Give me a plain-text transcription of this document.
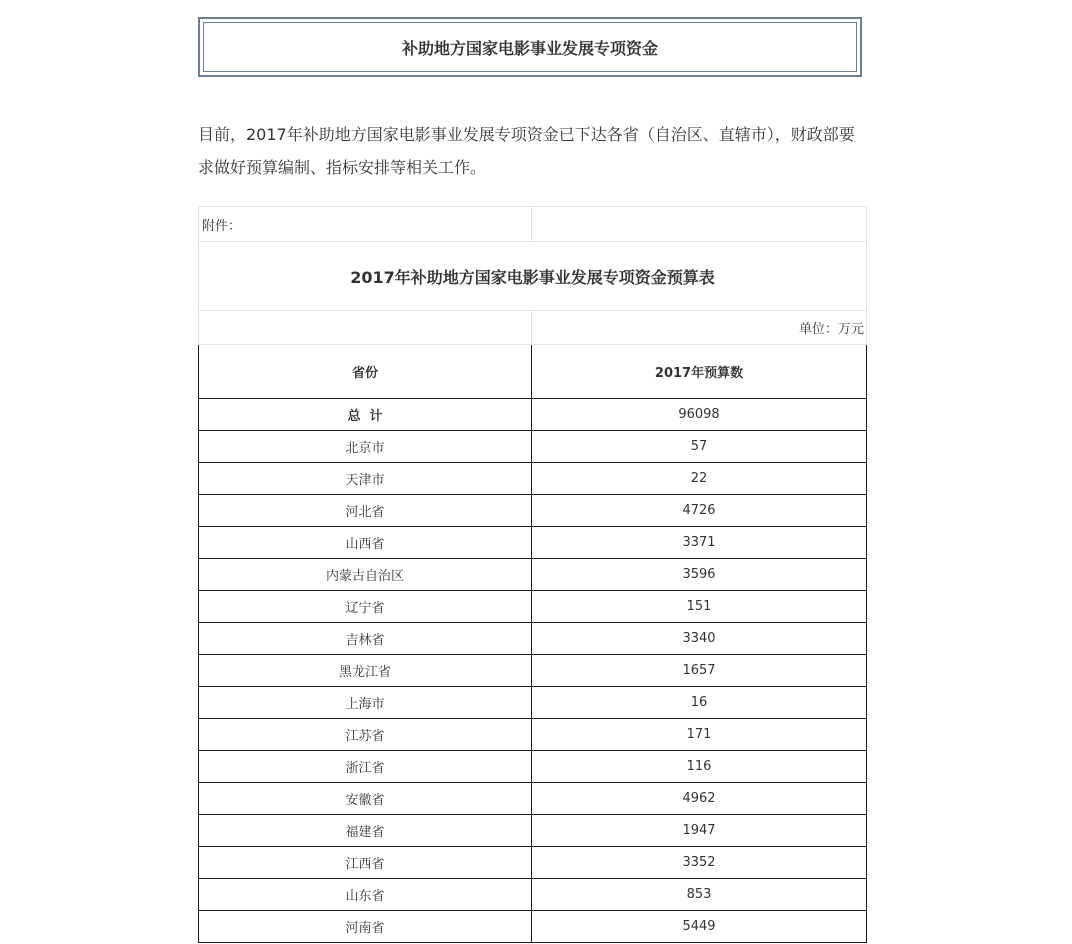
补助地方国家电影事业发展专项资金

目前，2017年补助地方国家电影事业发展专项资金已下达各省（自治区、直辖市），财政部要求做好预算编制、指标安排等相关工作。

附件：	
2017年补助地方国家电影事业发展专项资金预算表	
	单位：万元
省份	2017年预算数
总  计	96098
北京市	57
天津市	22
河北省	4726
山西省	3371
内蒙古自治区	3596
辽宁省	151
吉林省	3340
黑龙江省	1657
上海市	16
江苏省	171
浙江省	116
安徽省	4962
福建省	1947
江西省	3352
山东省	853
河南省	5449
